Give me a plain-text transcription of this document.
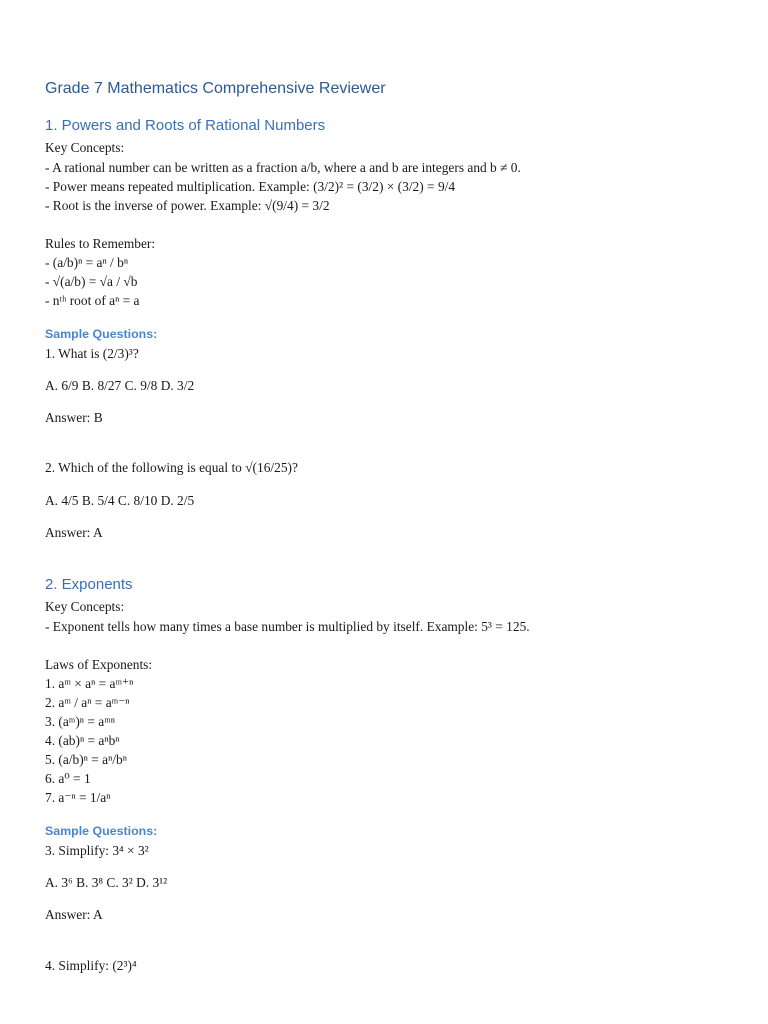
Grade 7 Mathematics Comprehensive Reviewer
1. Powers and Roots of Rational Numbers
Key Concepts:
- A rational number can be written as a fraction a/b, where a and b are integers and b ≠ 0.
- Power means repeated multiplication. Example: (3/2)² = (3/2) × (3/2) = 9/4
- Root is the inverse of power. Example: √(9/4) = 3/2
Rules to Remember:
- (a/b)ⁿ = aⁿ / bⁿ
- √(a/b) = √a / √b
- nᵗʰ root of aⁿ = a
Sample Questions:
1. What is (2/3)³?
A. 6/9 B. 8/27 C. 9/8 D. 3/2
Answer: B
2. Which of the following is equal to √(16/25)?
A. 4/5 B. 5/4 C. 8/10 D. 2/5
Answer: A
2. Exponents
Key Concepts:
- Exponent tells how many times a base number is multiplied by itself. Example: 5³ = 125.
Laws of Exponents:
1. aᵐ × aⁿ = aᵐ⁺ⁿ
2. aᵐ / aⁿ = aᵐ⁻ⁿ
3. (aᵐ)ⁿ = aᵐⁿ
4. (ab)ⁿ = aⁿbⁿ
5. (a/b)ⁿ = aⁿ/bⁿ
6. a⁰ = 1
7. a⁻ⁿ = 1/aⁿ
Sample Questions:
3. Simplify: 3⁴ × 3²
A. 3⁶ B. 3⁸ C. 3² D. 3¹²
Answer: A
4. Simplify: (2³)⁴
